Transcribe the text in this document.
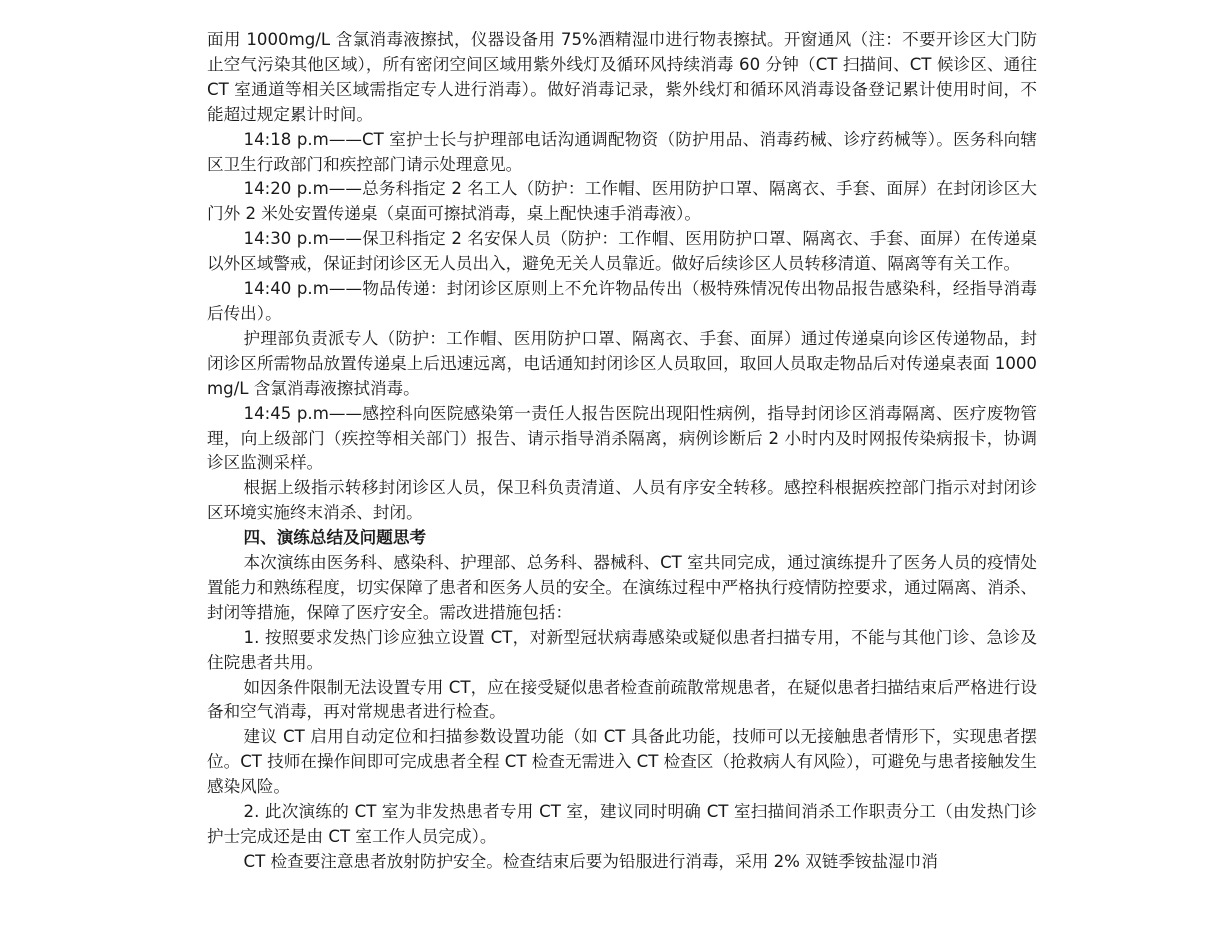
面用 1000mg/L 含氯消毒液擦拭，仪器设备用 75%酒精湿巾进行物表擦拭。开窗通风（注：不要开诊区大门防止空气污染其他区域），所有密闭空间区域用紫外线灯及循环风持续消毒 60 分钟（CT 扫描间、CT 候诊区、通往 CT 室通道等相关区域需指定专人进行消毒）。做好消毒记录，紫外线灯和循环风消毒设备登记累计使用时间，不能超过规定累计时间。

14:18 p.m——CT 室护士长与护理部电话沟通调配物资（防护用品、消毒药械、诊疗药械等）。医务科向辖区卫生行政部门和疾控部门请示处理意见。

14:20 p.m——总务科指定 2 名工人（防护：工作帽、医用防护口罩、隔离衣、手套、面屏）在封闭诊区大门外 2 米处安置传递桌（桌面可擦拭消毒，桌上配快速手消毒液）。

14:30 p.m——保卫科指定 2 名安保人员（防护：工作帽、医用防护口罩、隔离衣、手套、面屏）在传递桌以外区域警戒，保证封闭诊区无人员出入，避免无关人员靠近。做好后续诊区人员转移清道、隔离等有关工作。

14:40 p.m——物品传递：封闭诊区原则上不允许物品传出（极特殊情况传出物品报告感染科，经指导消毒后传出）。

护理部负责派专人（防护：工作帽、医用防护口罩、隔离衣、手套、面屏）通过传递桌向诊区传递物品，封闭诊区所需物品放置传递桌上后迅速远离，电话通知封闭诊区人员取回，取回人员取走物品后对传递桌表面 1000mg/L 含氯消毒液擦拭消毒。

14:45 p.m——感控科向医院感染第一责任人报告医院出现阳性病例，指导封闭诊区消毒隔离、医疗废物管理，向上级部门（疾控等相关部门）报告、请示指导消杀隔离，病例诊断后 2 小时内及时网报传染病报卡，协调诊区监测采样。

根据上级指示转移封闭诊区人员，保卫科负责清道、人员有序安全转移。感控科根据疾控部门指示对封闭诊区环境实施终末消杀、封闭。

四、演练总结及问题思考

本次演练由医务科、感染科、护理部、总务科、器械科、CT 室共同完成，通过演练提升了医务人员的疫情处置能力和熟练程度，切实保障了患者和医务人员的安全。在演练过程中严格执行疫情防控要求，通过隔离、消杀、封闭等措施，保障了医疗安全。需改进措施包括：

1. 按照要求发热门诊应独立设置 CT，对新型冠状病毒感染或疑似患者扫描专用，不能与其他门诊、急诊及住院患者共用。

如因条件限制无法设置专用 CT，应在接受疑似患者检查前疏散常规患者，在疑似患者扫描结束后严格进行设备和空气消毒，再对常规患者进行检查。

建议 CT 启用自动定位和扫描参数设置功能（如 CT 具备此功能，技师可以无接触患者情形下，实现患者摆位。CT 技师在操作间即可完成患者全程 CT 检查无需进入 CT 检查区（抢救病人有风险），可避免与患者接触发生感染风险。

2. 此次演练的 CT 室为非发热患者专用 CT 室，建议同时明确 CT 室扫描间消杀工作职责分工（由发热门诊护士完成还是由 CT 室工作人员完成）。

CT 检查要注意患者放射防护安全。检查结束后要为铅服进行消毒，采用 2% 双链季铵盐湿巾消
